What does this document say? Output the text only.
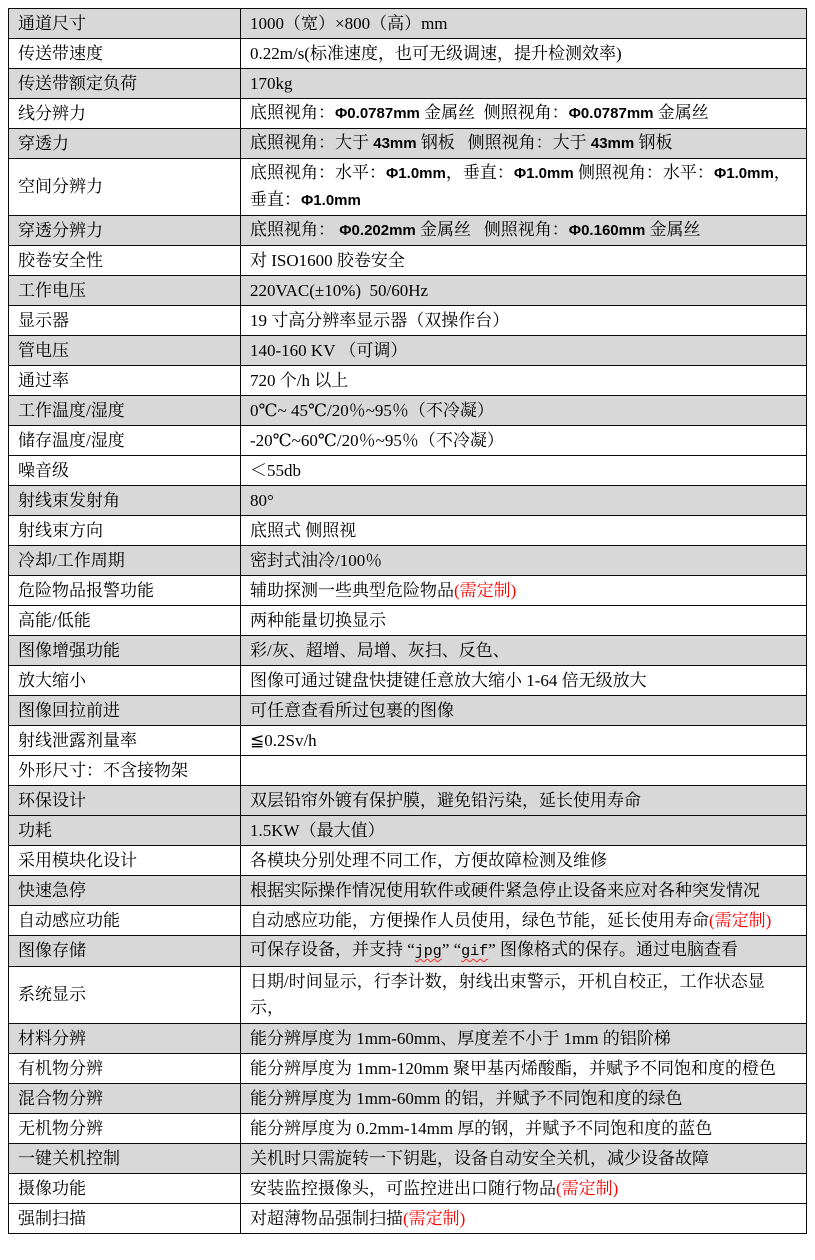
通道尺寸	1000（宽）×800（高）mm
传送带速度	0.22m/s(标准速度，也可无级调速，提升检测效率)
传送带额定负荷	170kg
线分辨力	底照视角：Φ0.0787mm 金属丝  侧照视角：Φ0.0787mm 金属丝
穿透力	底照视角：大于 43mm 钢板   侧照视角：大于 43mm 钢板
空间分辨力	底照视角：水平：Φ1.0mm，垂直：Φ1.0mm 侧照视角：水平：Φ1.0mm，
垂直：Φ1.0mm
穿透分辨力	底照视角： Φ0.202mm 金属丝   侧照视角：Φ0.160mm 金属丝
胶卷安全性	对 ISO1600 胶卷安全
工作电压	220VAC(±10%)  50/60Hz
显示器	19 寸高分辨率显示器（双操作台）
管电压	140-160 KV （可调）
通过率	720 个/h 以上
工作温度/湿度	0℃~ 45℃/20％~95％（不冷凝）
储存温度/湿度	-20℃~60℃/20％~95％（不冷凝）
噪音级	＜55db
射线束发射角	80°
射线束方向	底照式 侧照视
冷却/工作周期	密封式油冷/100％
危险物品报警功能	辅助探测一些典型危险物品(需定制)
高能/低能	两种能量切换显示
图像增强功能	彩/灰、超增、局增、灰扫、反色、
放大缩小	图像可通过键盘快捷键任意放大缩小 1-64 倍无级放大
图像回拉前进	可任意查看所过包裹的图像
射线泄露剂量率	≦0.2Sv/h
外形尺寸：不含接物架	
环保设计	双层铅帘外镀有保护膜，避免铅污染，延长使用寿命
功耗	1.5KW（最大值）
采用模块化设计	各模块分别处理不同工作，方便故障检测及维修
快速急停	根据实际操作情况使用软件或硬件紧急停止设备来应对各种突发情况
自动感应功能	自动感应功能，方便操作人员使用，绿色节能，延长使用寿命(需定制)
图像存储	可保存设备，并支持 “jpg” “gif” 图像格式的保存。通过电脑查看
系统显示	日期/时间显示，行李计数，射线出束警示，开机自校正，工作状态显
示，
材料分辨	能分辨厚度为 1mm-60mm、厚度差不小于 1mm 的铝阶梯
有机物分辨	能分辨厚度为 1mm-120mm 聚甲基丙烯酸酯，并赋予不同饱和度的橙色
混合物分辨	能分辨厚度为 1mm-60mm 的铝，并赋予不同饱和度的绿色
无机物分辨	能分辨厚度为 0.2mm-14mm 厚的钢，并赋予不同饱和度的蓝色
一键关机控制	关机时只需旋转一下钥匙，设备自动安全关机，减少设备故障
摄像功能	安装监控摄像头，可监控进出口随行物品(需定制)
强制扫描	对超薄物品强制扫描(需定制)
